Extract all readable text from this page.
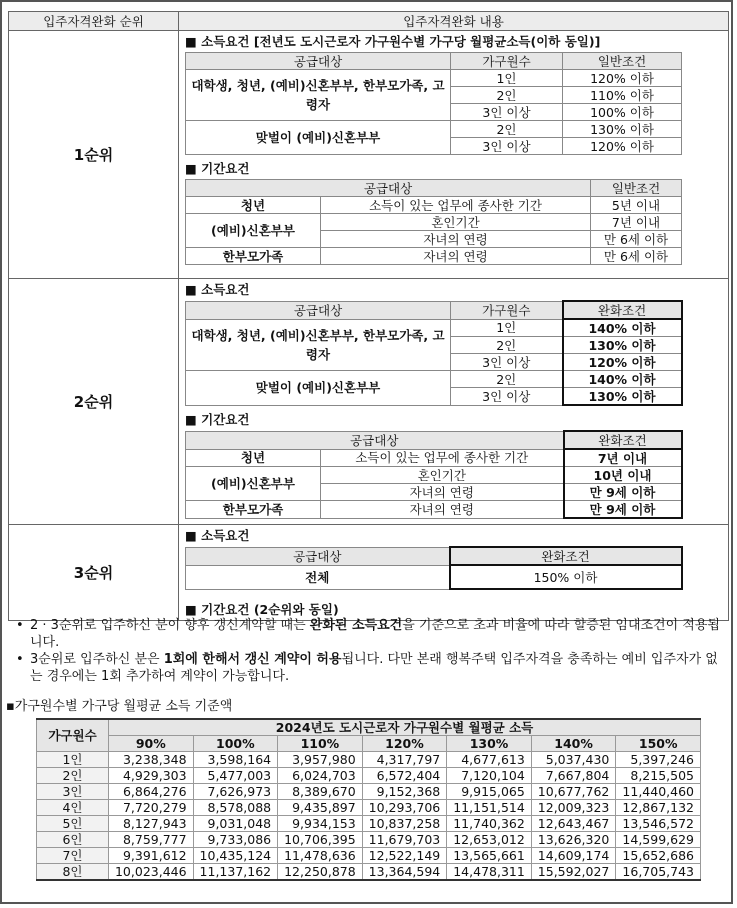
입주자격완화 순위	입주자격완화 내용
1순위	
■ 소득요건 [전년도 도시근로자 가구원수별 가구당 월평균소득(이하 동일)]
공급대상	가구원수	일반조건
대학생, 청년, (예비)신혼부부, 한부모가족, 고령자	1인	120% 이하
2인	110% 이하
3인 이상	100% 이하
맞벌이 (예비)신혼부부	2인	130% 이하
3인 이상	120% 이하
■ 기간요건
공급대상	일반조건
청년	소득이 있는 업무에 종사한 기간	5년 이내
(예비)신혼부부	혼인기간	7년 이내
자녀의 연령	만 6세 이하
한부모가족	자녀의 연령	만 6세 이하

2순위	
■ 소득요건
공급대상	가구원수	완화조건
대학생, 청년, (예비)신혼부부, 한부모가족, 고령자	1인	140% 이하
2인	130% 이하
3인 이상	120% 이하
맞벌이 (예비)신혼부부	2인	140% 이하
3인 이상	130% 이하
■ 기간요건
공급대상	완화조건
청년	소득이 있는 업무에 종사한 기간	7년 이내
(예비)신혼부부	혼인기간	10년 이내
자녀의 연령	만 9세 이하
한부모가족	자녀의 연령	만 9세 이하

3순위	
■ 소득요건
공급대상	완화조건
전체	150% 이하
■ 기간요건 (2순위와 동일)
• 2 · 3순위로 입주하신 분이 향후 갱신계약할 때는 완화된 소득요건을 기준으로 초과 비율에 따라 할증된 임대조건이 적용됩니다.
• 3순위로 입주하신 분은 1회에 한해서 갱신 계약이 허용됩니다. 다만 본래 행복주택 입주자격을 충족하는 예비 입주자가 없는 경우에는 1회 추가하여 계약이 가능합니다.
▪가구원수별 가구당 월평균 소득 기준액
가구원수	2024년도 도시근로자 가구원수별 월평균 소득						
	90%	100%	110%	120%	130%	140%	150%
1인	3,238,348	3,598,164	3,957,980	4,317,797	4,677,613	5,037,430	5,397,246
2인	4,929,303	5,477,003	6,024,703	6,572,404	7,120,104	7,667,804	8,215,505
3인	6,864,276	7,626,973	8,389,670	9,152,368	9,915,065	10,677,762	11,440,460
4인	7,720,279	8,578,088	9,435,897	10,293,706	11,151,514	12,009,323	12,867,132
5인	8,127,943	9,031,048	9,934,153	10,837,258	11,740,362	12,643,467	13,546,572
6인	8,759,777	9,733,086	10,706,395	11,679,703	12,653,012	13,626,320	14,599,629
7인	9,391,612	10,435,124	11,478,636	12,522,149	13,565,661	14,609,174	15,652,686
8인	10,023,446	11,137,162	12,250,878	13,364,594	14,478,311	15,592,027	16,705,743
